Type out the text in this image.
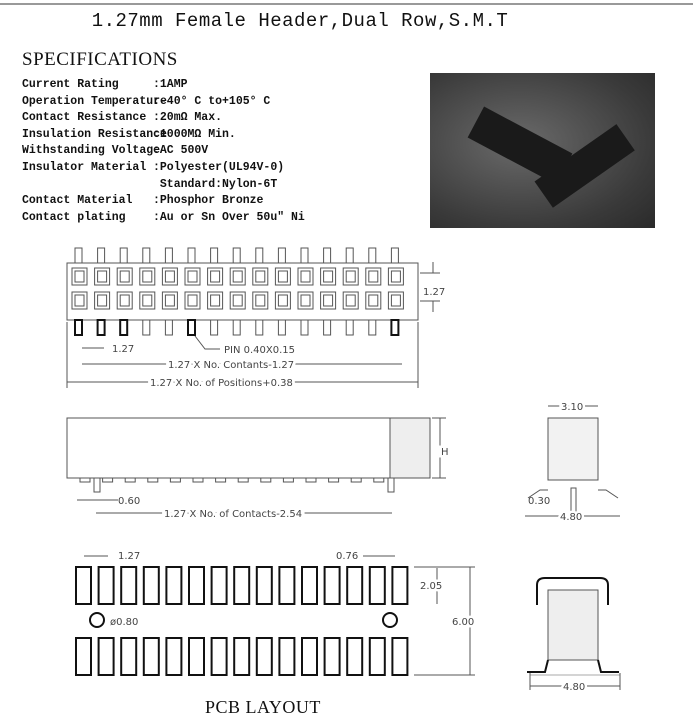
1.27mm Female Header,Dual Row,S.M.T
SPECIFICATIONS
Current Rating	:1AMP
Operation Temperature
:-40° C to+105° C
Contact Resistance :20mΩ Max.
Insulation Resistance
:1000MΩ Min.
Withstanding Voltage
:AC 500V
Insulator Material :Polyester(UL94V-0)
Standard:Nylon-6T
Contact Material	:Phosphor Bronze
Contact plating	:Au or Sn Over 50u" Ni
1.27
1.27	PIN 0.40X0.15
1.27 X No. Contants-1.27
1.27 X No. of Positions+0.38
H
0.60
1.27 X No. of Contacts-2.54
3.10
0.30
4.80
1.27	0.76
2.05
6.00
ø0.80
4.80
PCB LAYOUT
